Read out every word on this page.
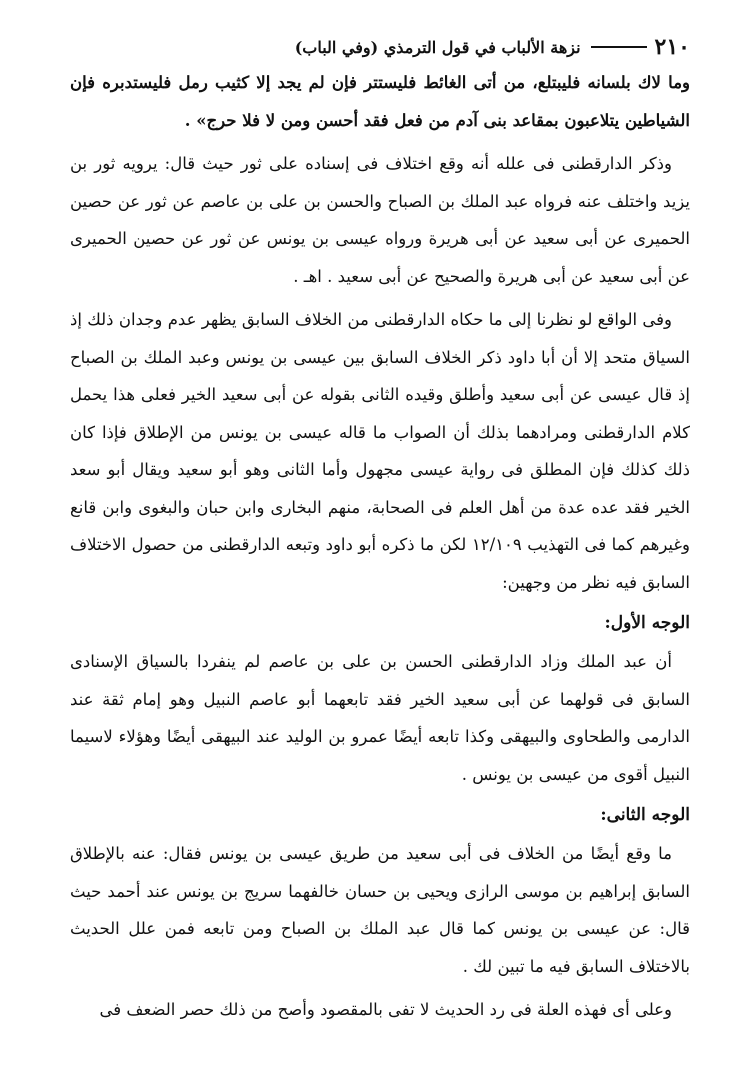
٢١٠
نزهة الألباب في قول الترمذي (وفي الباب)

وما لاك بلسانه فليبتلع، من أتى الغائط فليستتر فإن لم يجد إلا كثيب رمل فليستدبره فإن الشياطين يتلاعبون بمقاعد بنى آدم من فعل فقد أحسن ومن لا فلا حرج» .

وذكر الدارقطنى فى علله أنه وقع اختلاف فى إسناده على ثور حيث قال: يرويه ثور بن يزيد واختلف عنه فرواه عبد الملك بن الصباح والحسن بن على بن عاصم عن ثور عن حصين الحميرى عن أبى سعيد عن أبى هريرة ورواه عيسى بن يونس عن ثور عن حصين الحميرى عن أبى سعيد عن أبى هريرة والصحيح عن أبى سعيد . اهـ .

وفى الواقع لو نظرنا إلى ما حكاه الدارقطنى من الخلاف السابق يظهر عدم وجدان ذلك إذ السياق متحد إلا أن أبا داود ذكر الخلاف السابق بين عيسى بن يونس وعبد الملك بن الصباح إذ قال عيسى عن أبى سعيد وأطلق وقيده الثانى بقوله عن أبى سعيد الخير فعلى هذا يحمل كلام الدارقطنى ومرادهما بذلك أن الصواب ما قاله عيسى بن يونس من الإطلاق فإذا كان ذلك كذلك فإن المطلق فى رواية عيسى مجهول وأما الثانى وهو أبو سعيد ويقال أبو سعد الخير فقد عده عدة من أهل العلم فى الصحابة، منهم البخارى وابن حبان والبغوى وابن قانع وغيرهم كما فى التهذيب ١٢/١٠٩ لكن ما ذكره أبو داود وتبعه الدارقطنى من حصول الاختلاف السابق فيه نظر من وجهين:

الوجه الأول:

أن عبد الملك وزاد الدارقطنى الحسن بن على بن عاصم لم ينفردا بالسياق الإسنادى السابق فى قولهما عن أبى سعيد الخير فقد تابعهما أبو عاصم النبيل وهو إمام ثقة عند الدارمى والطحاوى والبيهقى وكذا تابعه أيضًا عمرو بن الوليد عند البيهقى أيضًا وهؤلاء لاسيما النبيل أقوى من عيسى بن يونس .

الوجه الثانى:

ما وقع أيضًا من الخلاف فى أبى سعيد من طريق عيسى بن يونس فقال: عنه بالإطلاق السابق إبراهيم بن موسى الرازى ويحيى بن حسان خالفهما سريج بن يونس عند أحمد حيث قال: عن عيسى بن يونس كما قال عبد الملك بن الصباح ومن تابعه فمن علل الحديث بالاختلاف السابق فيه ما تبين لك .

وعلى أى فهذه العلة فى رد الحديث لا تفى بالمقصود وأصح من ذلك حصر الضعف فى
